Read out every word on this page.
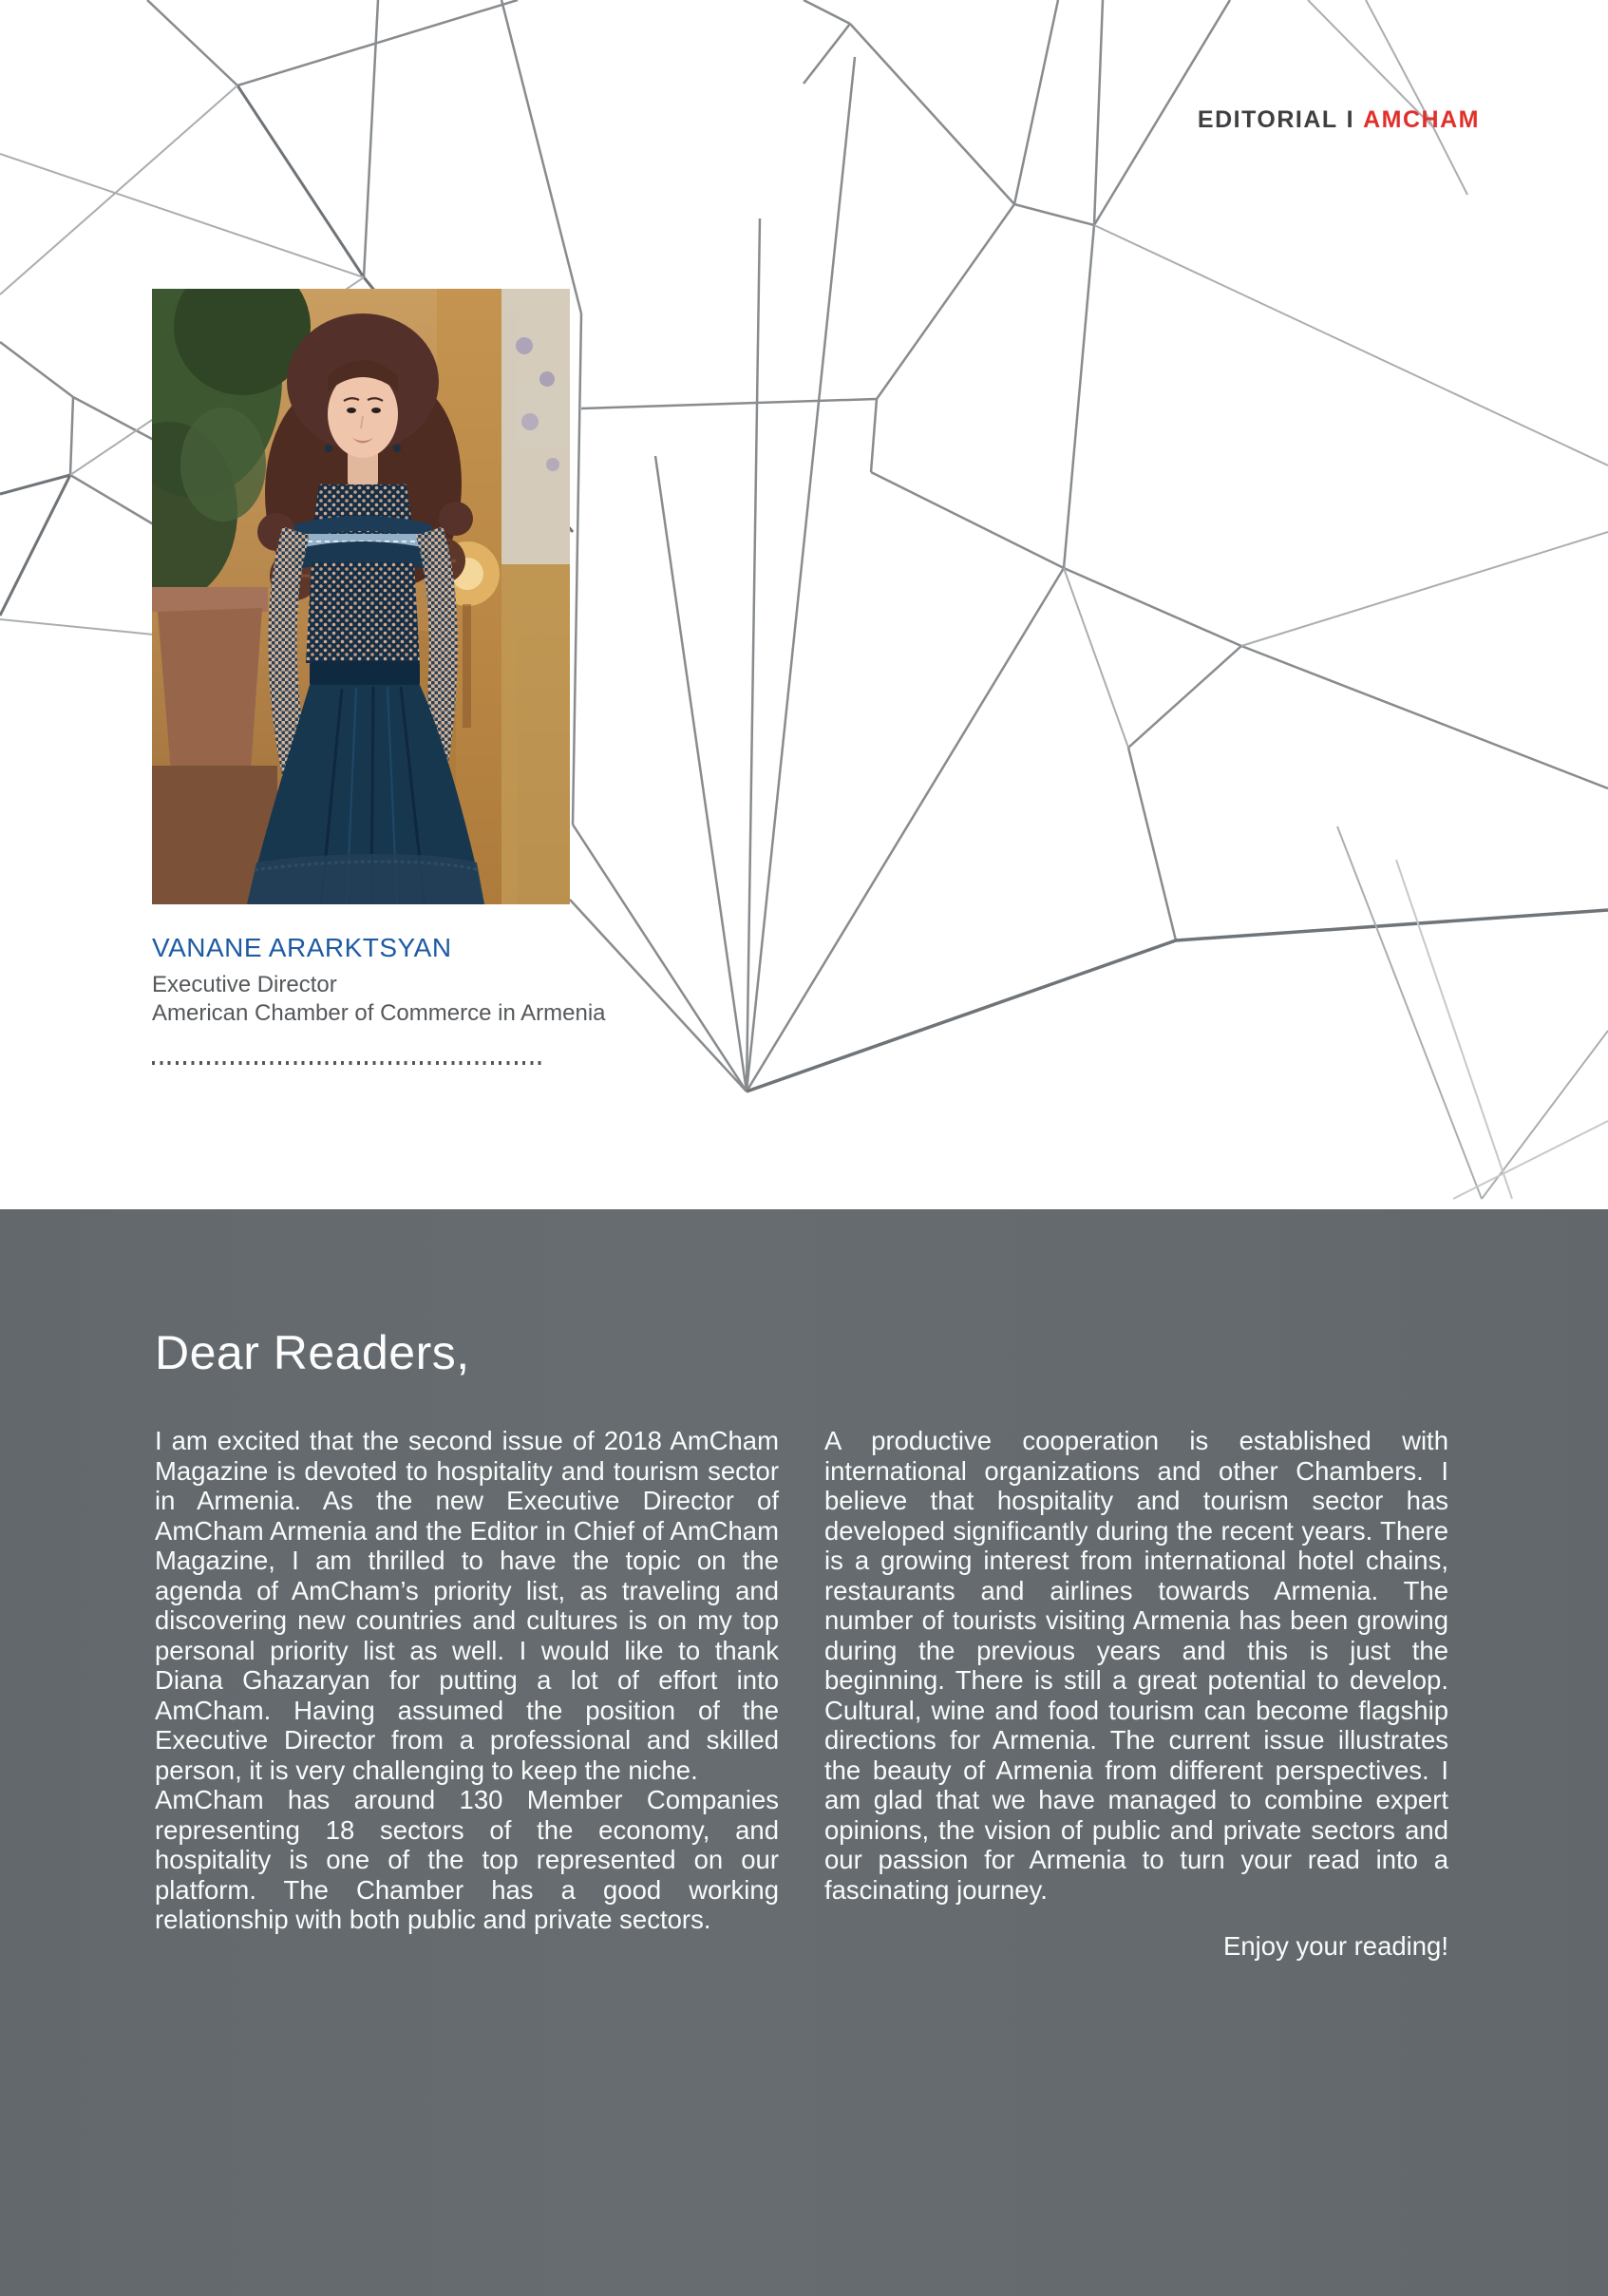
EDITORIAL I AMCHAM

VANANE ARARKTSYAN

Executive Director

American Chamber of Commerce in Armenia

Dear Readers,

I am excited that the second issue of 2018 AmCham Magazine is devoted to hospitality and tourism sector in Armenia. As the new Executive Director of AmCham Armenia and the Editor in Chief of AmCham Magazine, I am thrilled to have the topic on the agenda of AmCham’s priority list, as traveling and discovering new countries and cultures is on my top personal priority list as well. I would like to thank Diana Ghazaryan for putting a lot of effort into AmCham. Having assumed the position of the Executive Director from a professional and skilled person, it is very challenging to keep the niche.

AmCham has around 130 Member Companies representing 18 sectors of the economy, and hospitality is one of the top represented on our platform. The Chamber has a good working relationship with both public and private sectors.

A productive cooperation is established with international organizations and other Chambers. I believe that hospitality and tourism sector has developed significantly during the recent years. There is a growing interest from international hotel chains, restaurants and airlines towards Armenia. The number of tourists visiting Armenia has been growing during the previous years and this is just the beginning. There is still a great potential to develop. Cultural, wine and food tourism can become flagship directions for Armenia. The current issue illustrates the beauty of Armenia from different perspectives. I am glad that we have managed to combine expert opinions, the vision of public and private sectors and our passion for Armenia to turn your read into a fascinating journey.

Enjoy your reading!
